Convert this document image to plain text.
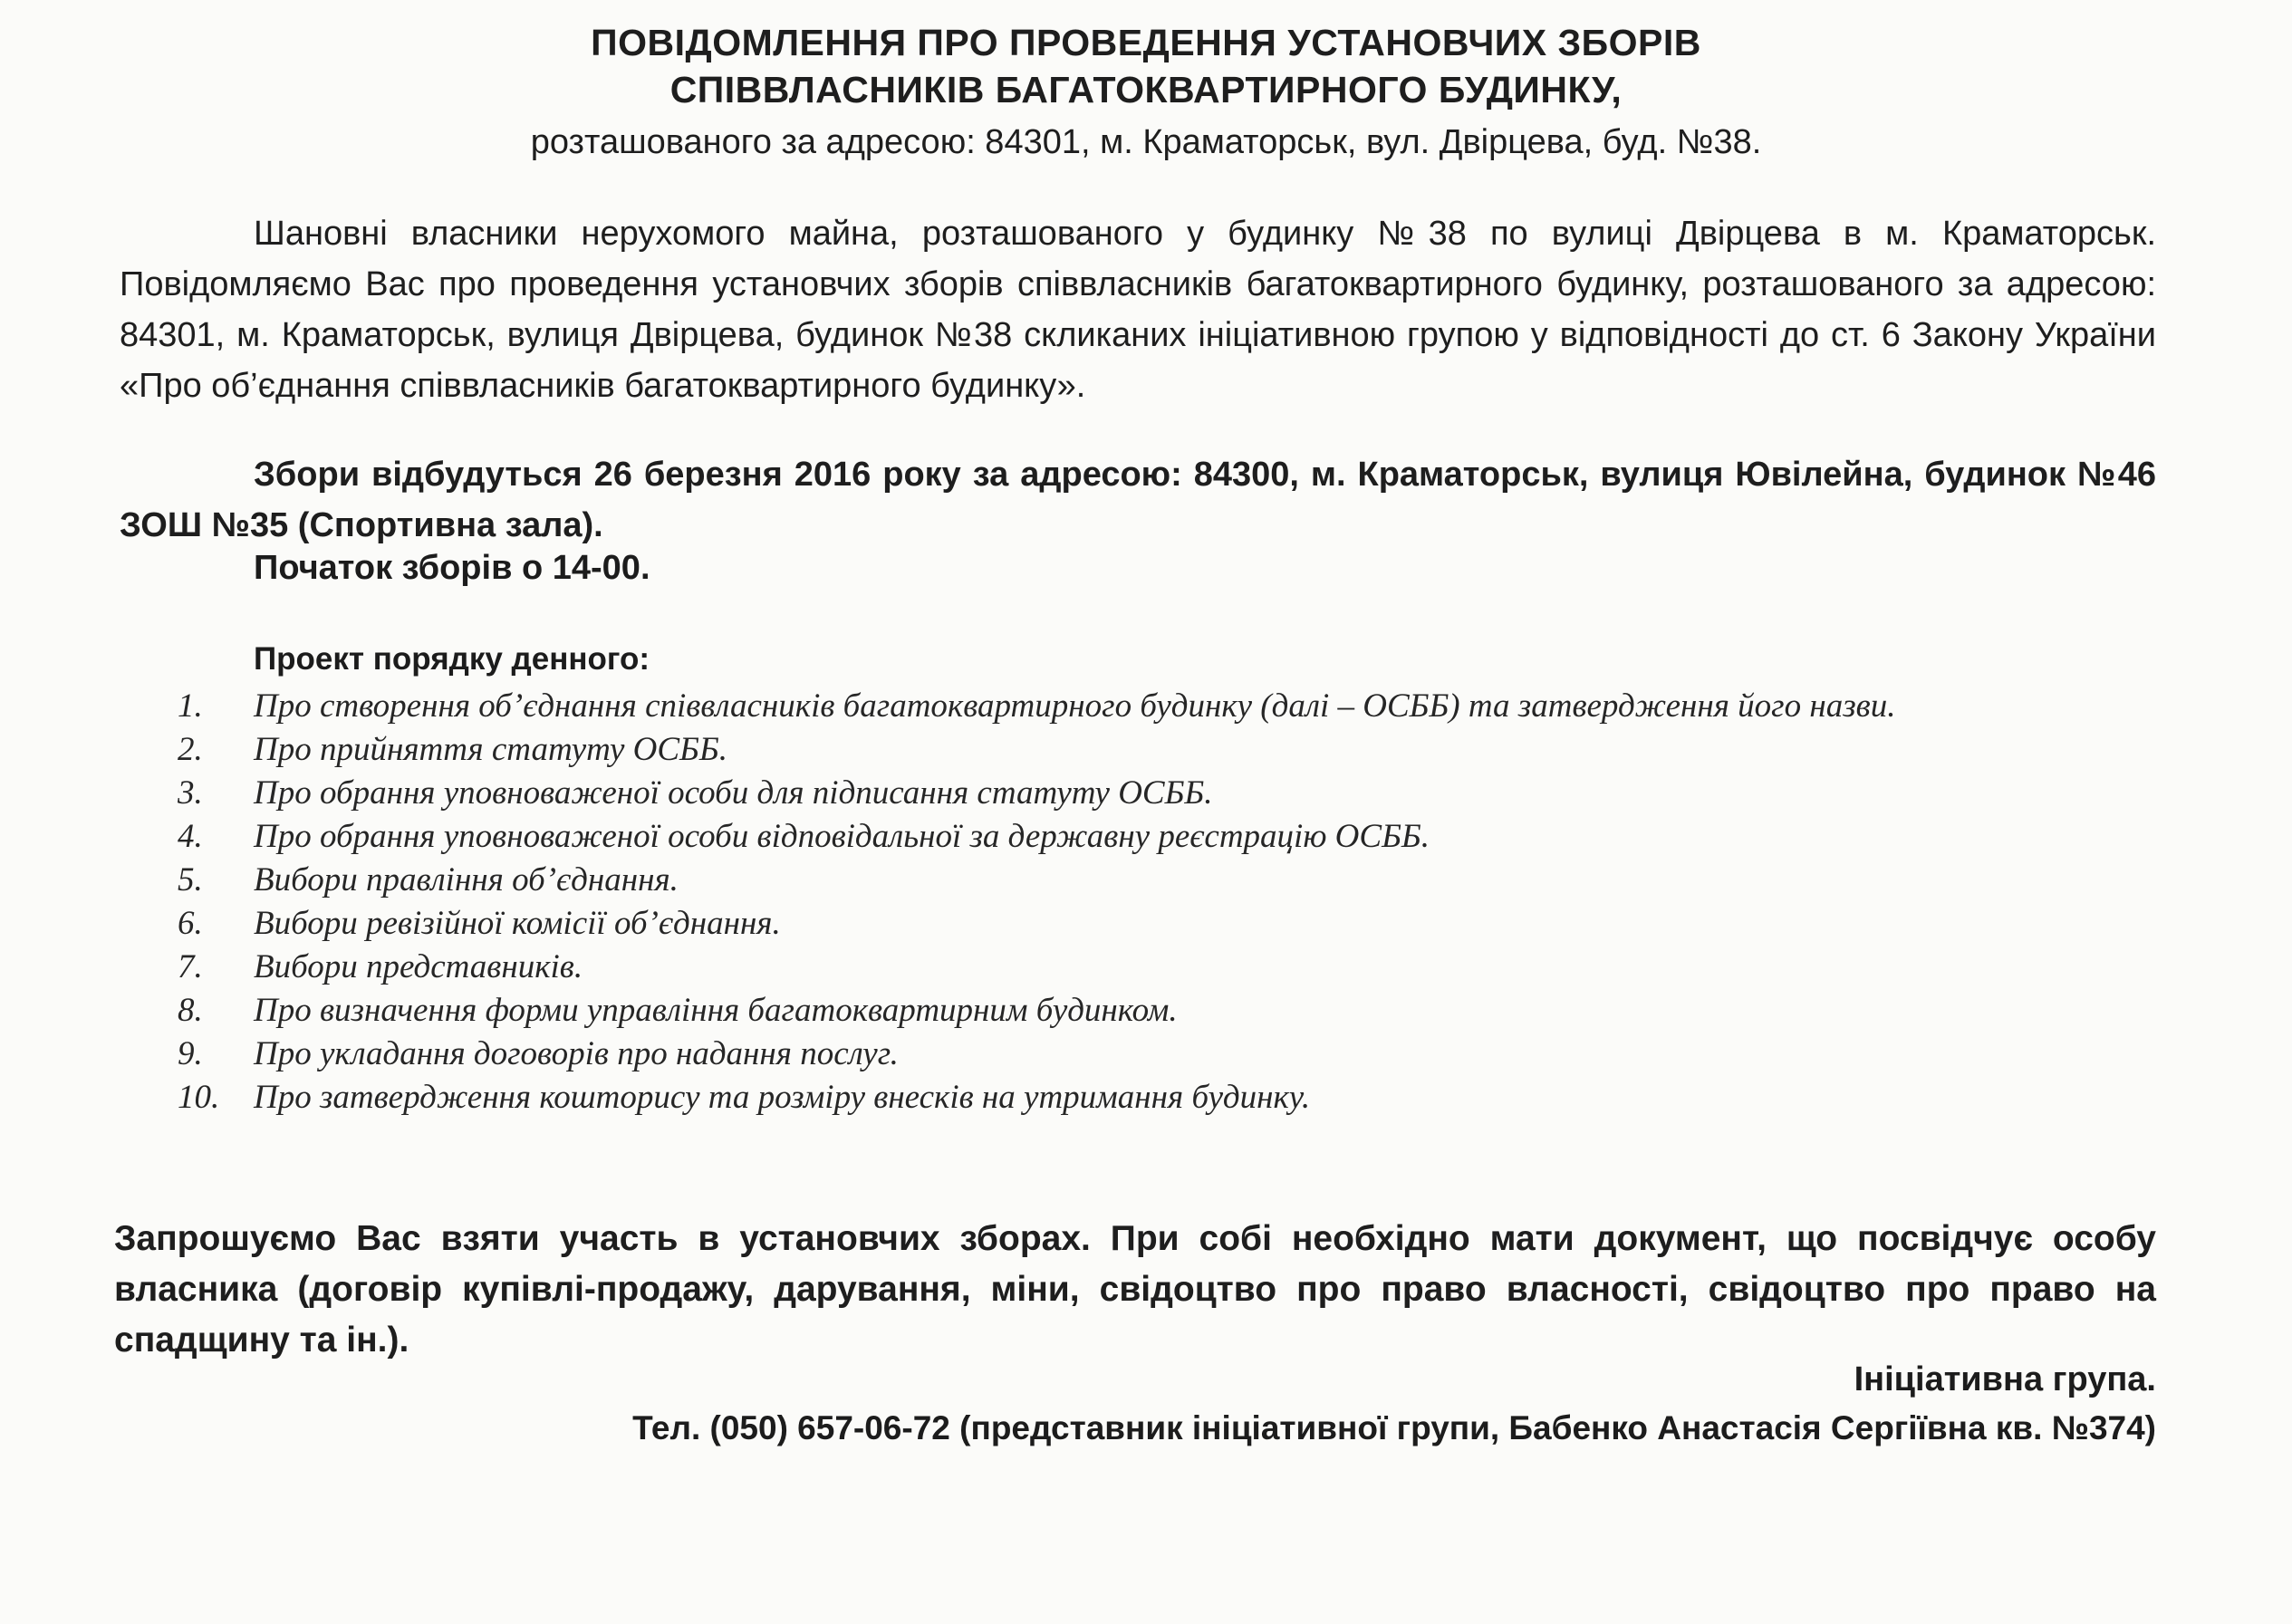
ПОВІДОМЛЕННЯ ПРО ПРОВЕДЕННЯ УСТАНОВЧИХ ЗБОРІВ
СПІВВЛАСНИКІВ БАГАТОКВАРТИРНОГО БУДИНКУ,
розташованого за адресою: 84301, м. Краматорськ, вул. Двірцева, буд. №38.
Шановні власники нерухомого майна, розташованого у будинку №38 по вулиці Двірцева в м. Краматорськ. Повідомляємо Вас про проведення установчих зборів співвласників багатоквартирного будинку, розташованого за адресою: 84301, м. Краматорськ, вулиця Двірцева, будинок №38 скликаних ініціативною групою у відповідності до ст. 6 Закону України «Про об’єднання співвласників багатоквартирного будинку».
Збори відбудуться 26 березня 2016 року за адресою: 84300, м. Краматорськ, вулиця Ювілейна, будинок №46 ЗОШ №35 (Спортивна зала).
Початок зборів о 14-00.
Проект порядку денного:
1.	Про створення об’єднання співвласників багатоквартирного будинку (далі – ОСББ) та затвердження його назви.
2.	Про прийняття статуту ОСББ.
3.	Про обрання уповноваженої особи для підписання статуту ОСББ.
4.	Про обрання уповноваженої особи відповідальної за державну реєстрацію ОСББ.
5.	Вибори правління об’єднання.
6.	Вибори ревізійної комісії об’єднання.
7.	Вибори представників.
8.	Про визначення форми управління багатоквартирним будинком.
9.	Про укладання договорів про надання послуг.
10.	Про затвердження кошторису та розміру внесків на утримання будинку.
Запрошуємо Вас взяти участь в установчих зборах. При собі необхідно мати документ, що посвідчує особу власника (договір купівлі-продажу, дарування, міни, свідоцтво про право власності, свідоцтво про право на спадщину та ін.).
Ініціативна група.
Тел. (050) 657-06-72 (представник ініціативної групи, Бабенко Анастасія Сергіївна кв. №374)
